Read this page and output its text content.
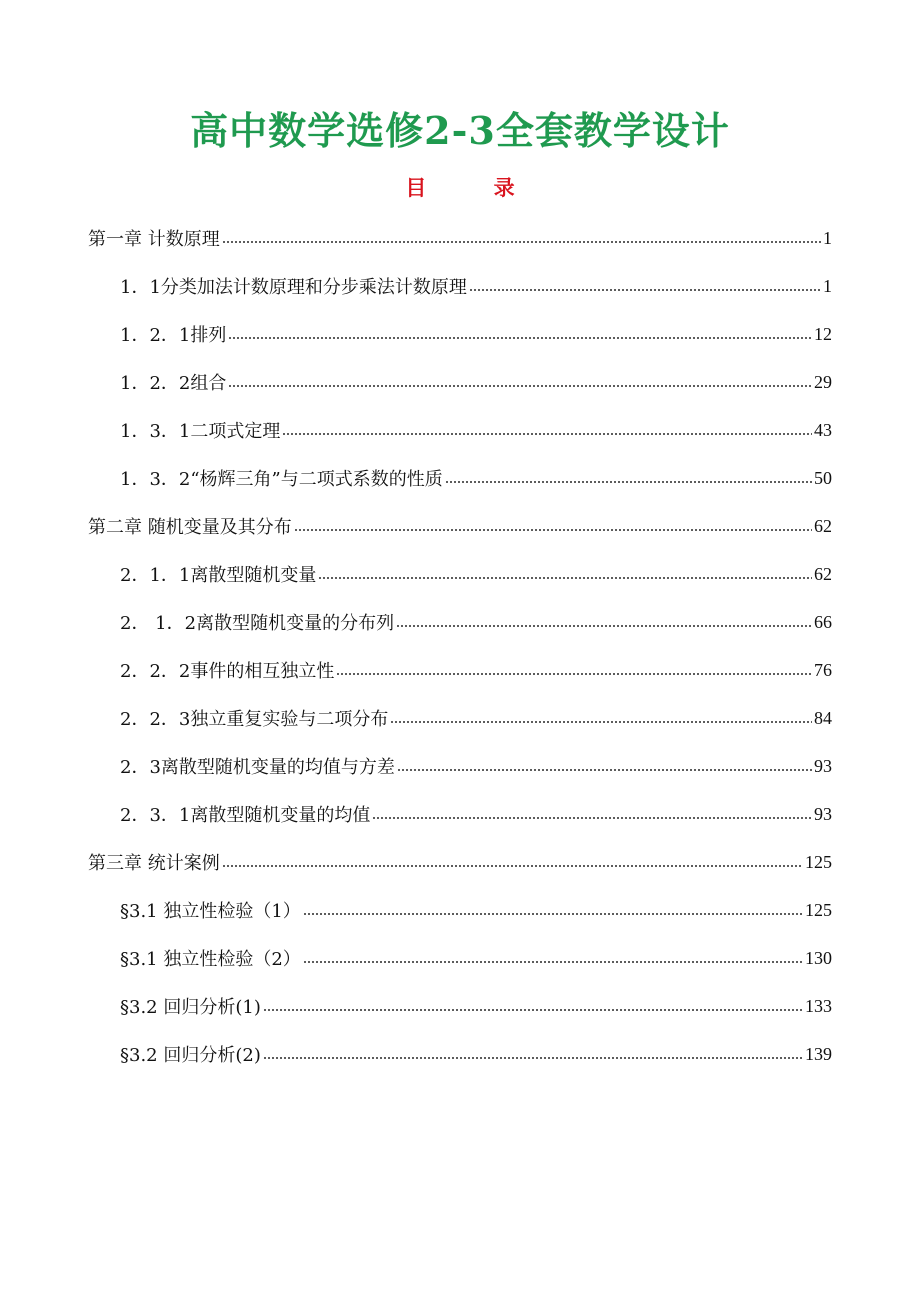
高中数学选修2-3全套教学设计
目 录
第一章 计数原理	1
1．1分类加法计数原理和分步乘法计数原理	1
1．2．1排列	12
1．2．2组合	29
1．3．1二项式定理	43
1．3．2“杨辉三角”与二项式系数的性质	50
第二章 随机变量及其分布	62
2．1．1离散型随机变量	62
2． 1．2离散型随机变量的分布列	66
2．2．2事件的相互独立性	76
2．2．3独立重复实验与二项分布	84
2．3离散型随机变量的均值与方差	93
2．3．1离散型随机变量的均值	93
第三章 统计案例	125
§3.1 独立性检验（1）	125
§3.1 独立性检验（2）	130
§3.2 回归分析(1)	133
§3.2 回归分析(2)	139
